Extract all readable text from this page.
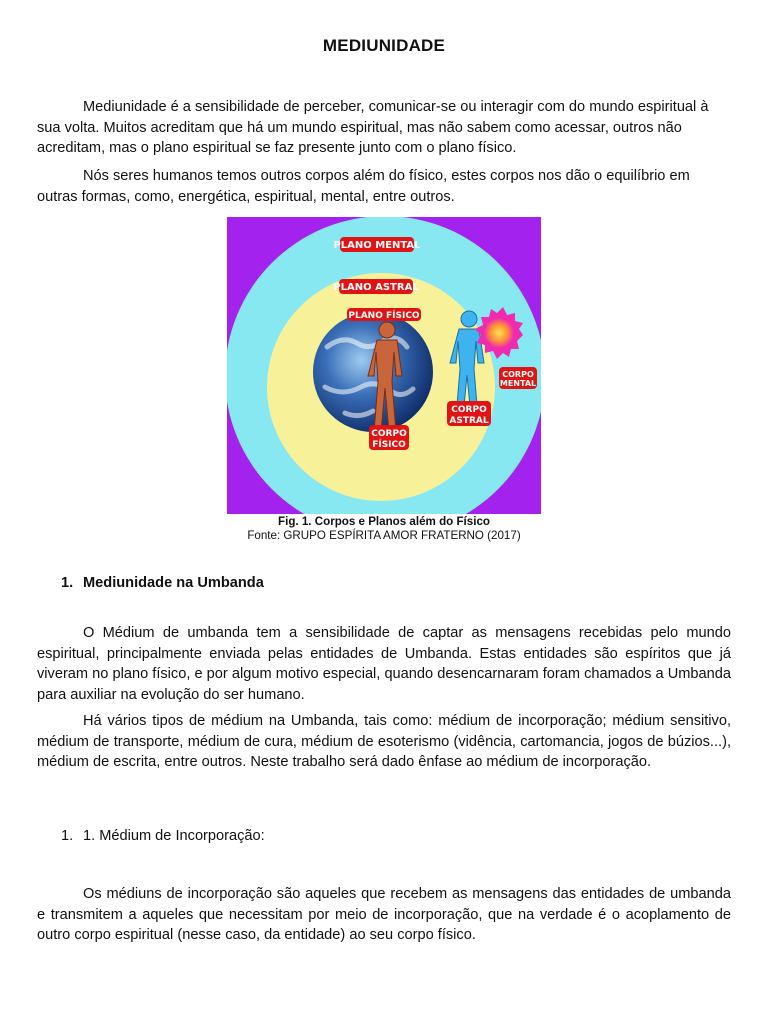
MEDIUNIDADE

Mediunidade é a sensibilidade de perceber, comunicar-se ou interagir com do mundo espiritual à sua volta. Muitos acreditam que há um mundo espiritual, mas não sabem como acessar, outros não acreditam, mas o plano espiritual se faz presente junto com o plano físico.

Nós seres humanos temos outros corpos além do físico, estes corpos nos dão o equilíbrio em outras formas, como, energética, espiritual, mental, entre outros.

PLANO MENTAL
PLANO ASTRAL
PLANO FÍSICO
CORPO
FÍSICO
CORPO
ASTRAL
CORPO
MENTAL
Fig. 1. Corpos e Planos além do Físico
Fonte: GRUPO ESPÍRITA AMOR FRATERNO (2017)
1. Mediunidade na Umbanda

O Médium de umbanda tem a sensibilidade de captar as mensagens recebidas pelo mundo espiritual, principalmente enviada pelas entidades de Umbanda. Estas entidades são espíritos que já viveram no plano físico, e por algum motivo especial, quando desencarnaram foram chamados a Umbanda para auxiliar na evolução do ser humano.

Há vários tipos de médium na Umbanda, tais como: médium de incorporação; médium sensitivo, médium de transporte, médium de cura, médium de esoterismo (vidência, cartomancia, jogos de búzios...), médium de escrita, entre outros. Neste trabalho será dado ênfase ao médium de incorporação.

1. 1. Médium de Incorporação:

Os médiuns de incorporação são aqueles que recebem as mensagens das entidades de umbanda e transmitem a aqueles que necessitam por meio de incorporação, que na verdade é o acoplamento de outro corpo espiritual (nesse caso, da entidade) ao seu corpo físico.
